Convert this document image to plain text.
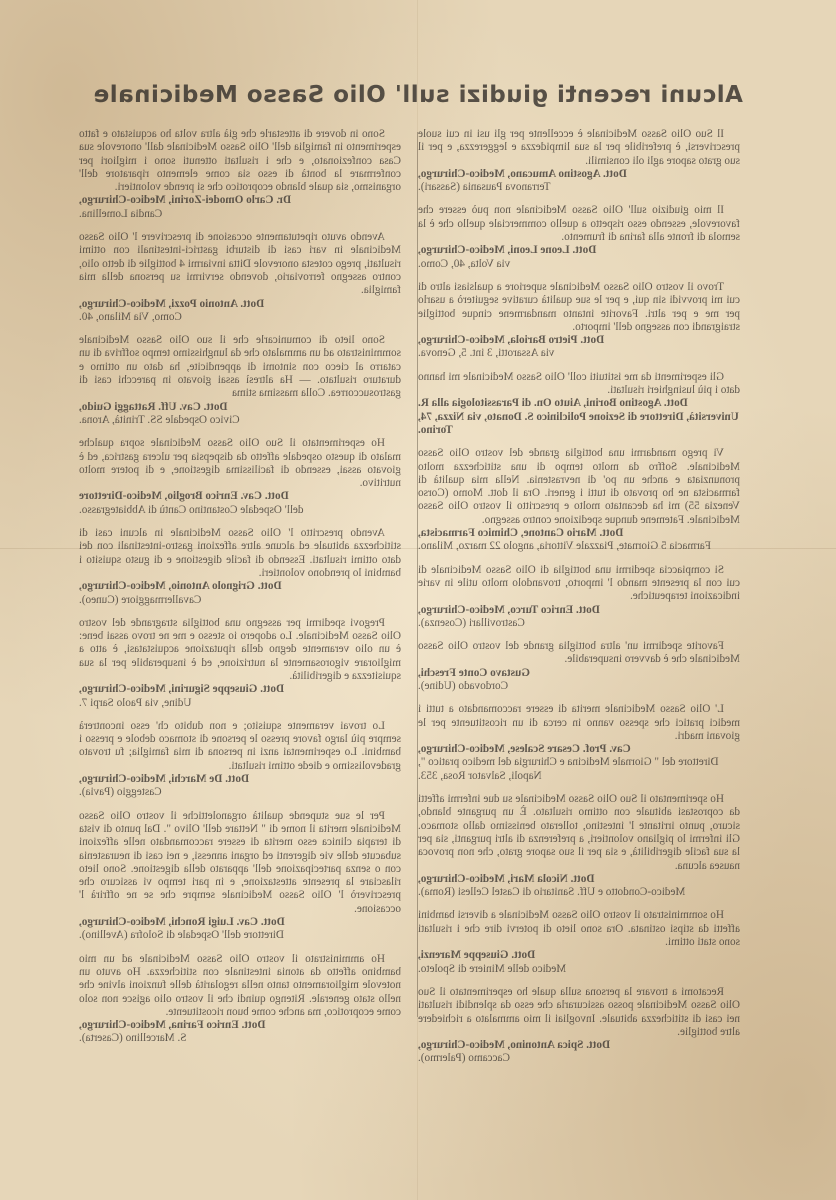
Alcuni recenti giudizi sull' Olio Sasso Medicinale

Il Suo Olio Sasso Medicinale è eccellente per gli usi in cui suole prescriversi, è preferibile per la sua limpidezza e leggerezza, e per il suo grato sapore agli oli consimili.

Dott. Agostino Amucano, Medico-Chirurgo,
Terranova Pausania (Sassari).

Il mio giudizio sull' Olio Sasso Medicinale non può essere che favorevole, essendo esso rispetto a quello commerciale quello che è la semola di fronte alla farina di frumento.

Dott. Leone Leoni, Medico-Chirurgo,
via Volta, 40, Como.

Trovo il vostro Olio Sasso Medicinale superiore a qualsiasi altro di cui mi provvidi sin qui, e per le sue qualità curative seguiterò a usarlo per me e per altri. Favorite intanto mandarmene cinque bottiglie straigrandi con assegno dell' importo.

Dott. Pietro Bariola, Medico-Chirurgo,
via Assarotti, 3 int. 5, Genova.

Gli esperimenti da me istituiti coll' Olio Sasso Medicinale mi hanno dato i più lusinghieri risultati.

Dott. Agostino Borini, Aiuto On. di Parassitologia alla R. Università, Direttore di Sezione Policlinico S. Donato, via Nizza, 74, Torino.

Vi prego mandarmi una bottiglia grande del vostro Olio Sasso Medicinale. Soffro da molto tempo di una stitichezza molto pronunziata e anche un po' di nevrastenia. Nella mia qualità di farmacista ne ho provato di tutti i generi. Ora il dott. Momo (Corso Venezia 55) mi ha decantato molto e prescritto il vostro Olio Sasso Medicinale. Fatemene dunque spedizione contro assegno.

Dott. Mario Cantone, Chimico Farmacista,
Farmacia 5 Giornate, Piazzale Vittoria, angolo 22 marzo, Milano.

Si compiaccia spedirmi una bottiglia di Olio Sasso Medicinale di cui con la presente mando l' importo, trovandolo molto utile in varie indicazioni terapeutiche.

Dott. Enrico Turco, Medico-Chirurgo,
Castrovillari (Cosenza).

Favorite spedirmi un' altra bottiglia grande del vostro Olio Sasso Medicinale che è davvero insuperabile.

Gustavo Conte Freschi,
Cordovado (Udine).

L' Olio Sasso Medicinale merita di essere raccomandato a tutti i medici pratici che spesso vanno in cerca di un ricostituente per le giovani madri.

Cav. Prof. Cesare Scalese, Medico-Chirurgo,
Direttore del " Giornale Medicina e Chirurgia del medico pratico ", Napoli, Salvator Rosa, 353.

Ho sperimentato il Suo Olio Sasso Medicinale su due infermi affetti da coprostasi abituale con ottimo risultato. È un purgante blando, sicuro, punto irritante l' intestino, tollerato benissimo dallo stomaco. Gli infermi lo pigliano volontieri, a preferenza di altri purganti, sia per la sua facile digeribilità, e sia per il suo sapore grato, che non provoca nausea alcuna.

Dott. Nicola Mari, Medico-Chirurgo,
Medico-Condotto e Uff. Sanitario di Castel Cellesi (Roma).

Ho somministrato il vostro Olio Sasso Medicinale a diversi bambini affetti da stipsi ostinata. Ora sono lieto di potervi dire che i risultati sono stati ottimi.

Dott. Giuseppe Marenzi,
Medico delle Miniere di Spoleto.

Recatomi a trovare la persona sulla quale ho esperimentato il Suo Olio Sasso Medicinale posso assicurarla che esso da splendidi risultati nei casi di stitichezza abituale. Invogliai il mio ammalato a richiedere altre bottiglie.

Dott. Spica Antonino, Medico-Chirurgo,
Caccamo (Palermo).

Sono in dovere di attestarle che già altra volta ho acquistato e fatto esperimento in famiglia dell' Olio Sasso Medicinale dall' onorevole sua Casa confezionato, e che i risultati ottenuti sono i migliori per confermare la bontà di esso sia come elemento riparatore dell' organismo, sia quale blando ecoprotico che si prende volontieri.

Dr. Carlo Omodei-Zorini, Medico-Chirurgo,
Candia Lomellina.

Avendo avuto ripetutamente occasione di prescrivere l' Olio Sasso Medicinale in vari casi di disturbi gastrici-intestinali con ottimi risultati, prego cotesta onorevole Ditta inviarmi 4 bottiglie di detto olio, contro assegno ferroviario, dovendo servirmi su persona della mia famiglia.

Dott. Antonio Pozzi, Medico-Chirurgo,
Como, Via Milano, 40.

Sono lieto di comunicarle che il suo Olio Sasso Medicinale somministrato ad un ammalato che da lunghissimo tempo soffriva di un catarro al cieco con sintomi di appendicite, ha dato un ottimo e duraturo risultato. — Ha altresì assai giovato in parecchi casi di gastrosuccorrea. Colla massima stima

Dott. Cav. Uff. Rattaggi Guido,
Civico Ospedale SS. Trinità, Arona.

Ho esperimentato il Suo Olio Sasso Medicinale sopra qualche malato di questo ospedale affetto da dispepsia per ulcera gastrica, ed è giovato assai, essendo di facilissima digestione, e di potere molto nutritivo.

Dott. Cav. Enrico Broglio, Medico-Direttore
dell' Ospedale Costantino Cantù di Abbiategrasso.

Avendo prescritto l' Olio Sasso Medicinale in alcuni casi di stitichezza abituale ed alcune altre affezioni gastro-intestinali con dei dato ottimi risultati. Essendo di facile digestione e di gusto squisito i bambini lo prendono volontieri.

Dott. Grignolo Antonio, Medico-Chirurgo,
Cavallermaggiore (Cuneo).

Pregovi spedirmi per assegno una bottiglia stragrande del vostro Olio Sasso Medicinale. Lo adopero io stesso e me ne trovo assai bene: è un olio veramente degno della riputazione acquistatasi, è atto a migliorare vigorosamente la nutrizione, ed è insuperabile per la sua squisitezza e digeribilità.

Dott. Giuseppe Sigurini, Medico-Chirurgo,
Udine, via Paolo Sarpi 7.

Lo trovai veramente squisito; e non dubito ch' esso incontrerà sempre più largo favore presso le persone di stomaco debole e presso i bambini. Lo esperimentai anzi in persona di mia famiglia; fu trovato gradevolissimo e diede ottimi risultati.

Dott. De Marchi, Medico-Chirurgo,
Casteggio (Pavia).

Per le sue stupende qualità organolettiche il vostro Olio Sasso Medicinale merita il nome di " Nettare dell' Olivo ". Dal punto di vista di terapia clinica esso merita di essere raccomandato nelle affezioni subacute delle vie digerenti ed organi annessi, e nei casi di neurastenia con o senza partecipazione dell' apparato della digestione. Sono lieto rilasciare la presente attestazione, e in pari tempo vi assicuro che prescriverò l' Olio Sasso Medicinale sempre che se ne offrirà l' occasione.

Dott. Cav. Luigi Ronchi, Medico-Chirurgo,
Direttore dell' Ospedale di Solofra (Avellino).

Ho amministrato il vostro Olio Sasso Medicinale ad un mio bambino affetto da atonia intestinale con stitichezza. Ho avuto un notevole miglioramento tanto nella regolarità delle funzioni alvine che nello stato generale. Ritengo quindi che il vostro olio agisce non solo come ecoprotico, ma anche come buon ricostituente.

Dott. Enrico Farina, Medico-Chirurgo,
S. Marcellino (Caserta).
